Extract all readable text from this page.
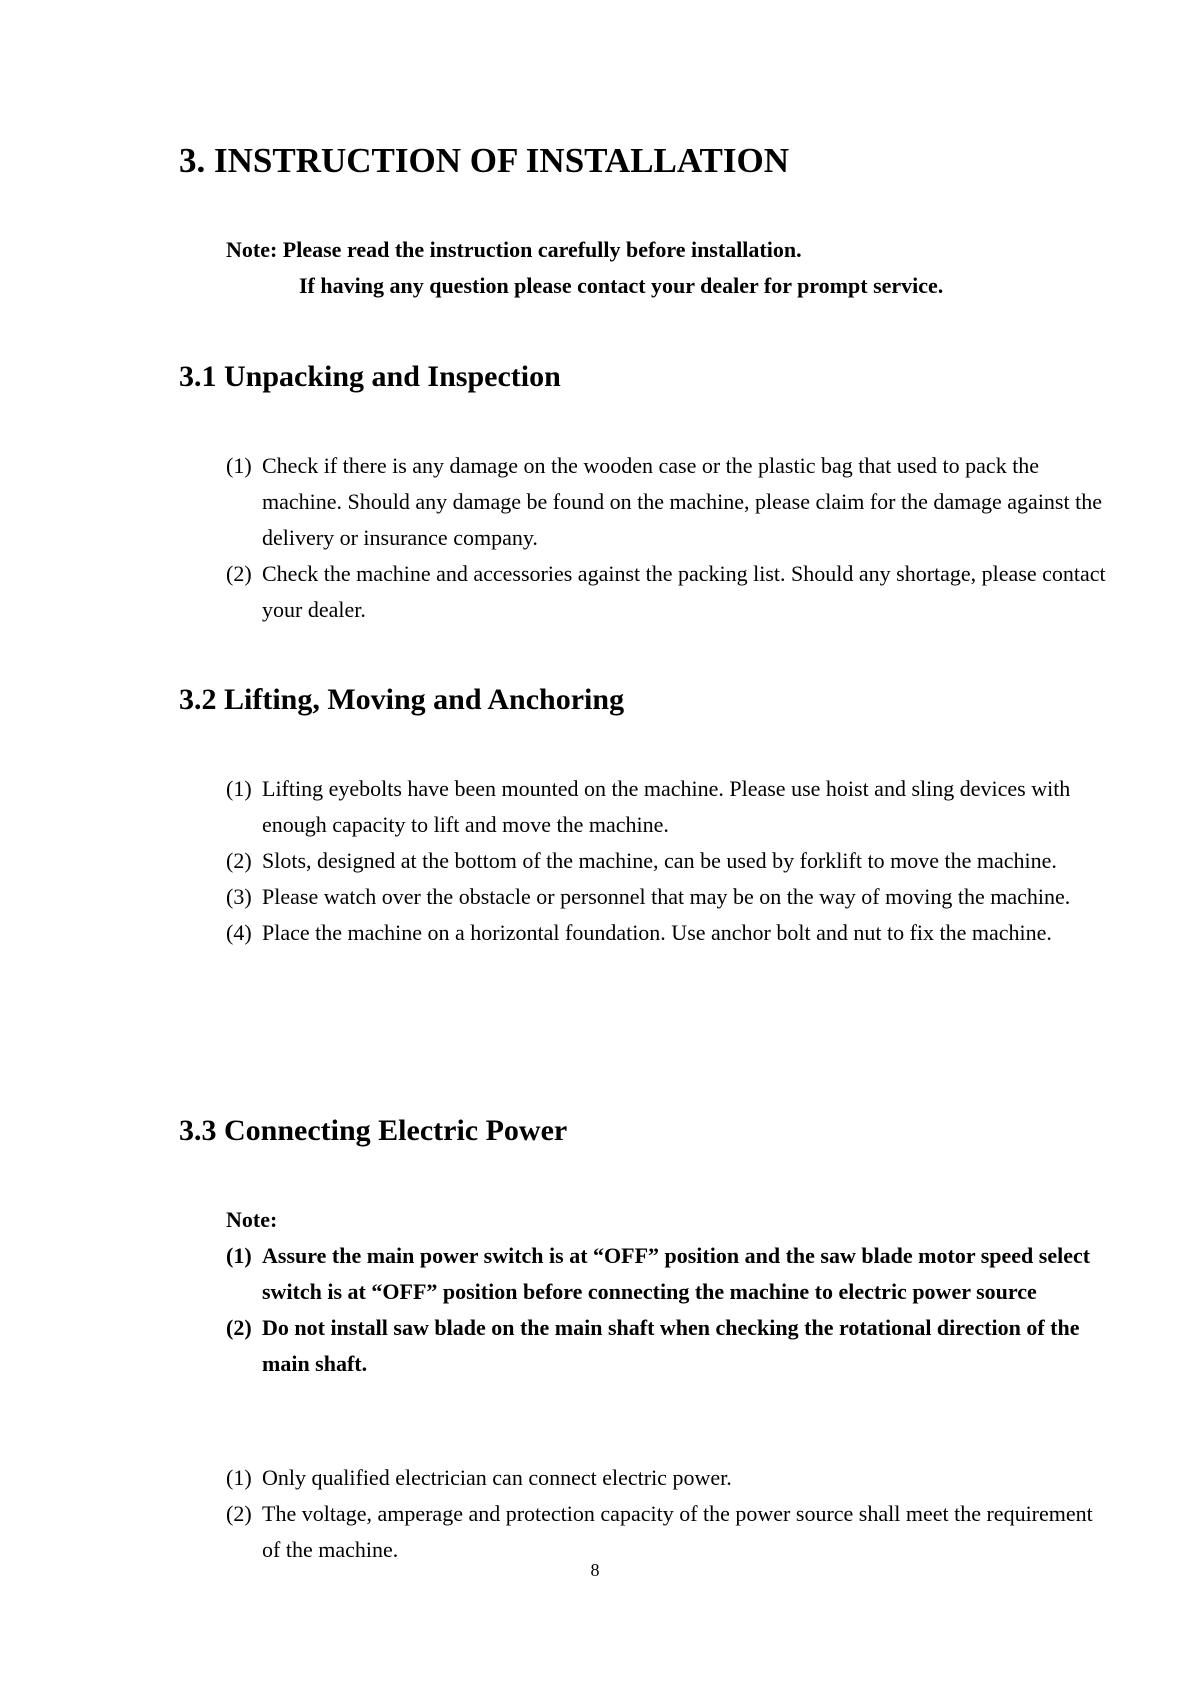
3. INSTRUCTION OF INSTALLATION

Note: Please read the instruction carefully before installation.

If having any question please contact your dealer for prompt service.

3.1 Unpacking and Inspection
(1) Check if there is any damage on the wooden case or the plastic bag that used to pack the machine. Should any damage be found on the machine, please claim for the damage against the delivery or insurance company.
(2) Check the machine and accessories against the packing list. Should any shortage, please contact your dealer.
3.2 Lifting, Moving and Anchoring
(1) Lifting eyebolts have been mounted on the machine. Please use hoist and sling devices with enough capacity to lift and move the machine.
(2) Slots, designed at the bottom of the machine, can be used by forklift to move the machine.
(3) Please watch over the obstacle or personnel that may be on the way of moving the machine.
(4) Place the machine on a horizontal foundation. Use anchor bolt and nut to fix the machine.
3.3 Connecting Electric Power

Note:

(1) Assure the main power switch is at “OFF” position and the saw blade motor speed select switch is at “OFF” position before connecting the machine to electric power source
(2) Do not install saw blade on the main shaft when checking the rotational direction of the main shaft.
(1) Only qualified electrician can connect electric power.
(2) The voltage, amperage and protection capacity of the power source shall meet the requirement of the machine.
8
